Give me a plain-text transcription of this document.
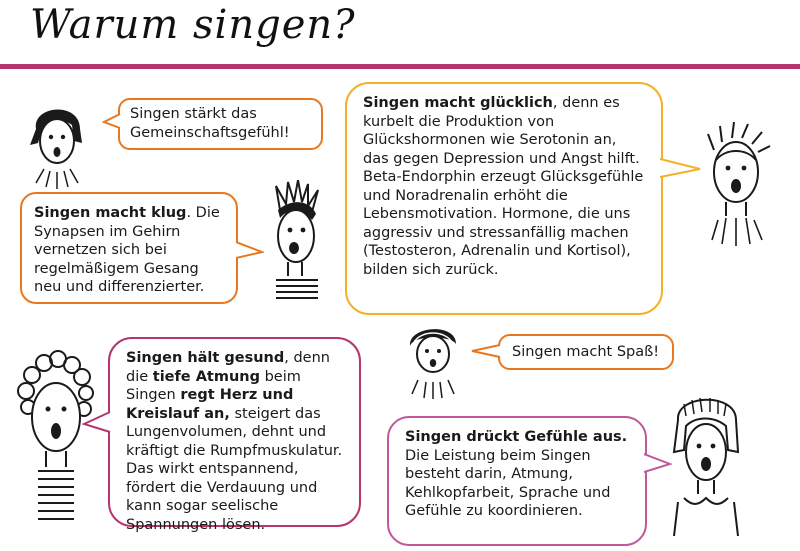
Warum singen?
Singen stärkt das Gemeinschaftsgefühl!
Singen macht klug. Die Synapsen im Gehirn vernetzen sich bei regelmäßigem Gesang neu und differenzierter.
Singen macht glücklich, denn es kurbelt die Produktion von Glückshormonen wie Serotonin an, das gegen Depression und Angst hilft. Beta-Endorphin erzeugt Glücksgefühle und Noradrenalin erhöht die Lebensmotivation. Hormone, die uns aggressiv und stressanfällig machen (Testosteron, Adrenalin und Kortisol), bilden sich zurück.
Singen macht Spaß!
Singen hält gesund, denn die tiefe Atmung beim Singen regt Herz und Kreislauf an, steigert das Lungenvolumen, dehnt und kräftigt die Rumpfmuskulatur. Das wirkt entspannend, fördert die Verdauung und kann sogar seelische Spannungen lösen.
Singen drückt Gefühle aus. Die Leistung beim Singen besteht darin, Atmung, Kehlkopfarbeit, Sprache und Gefühle zu koordinieren.
